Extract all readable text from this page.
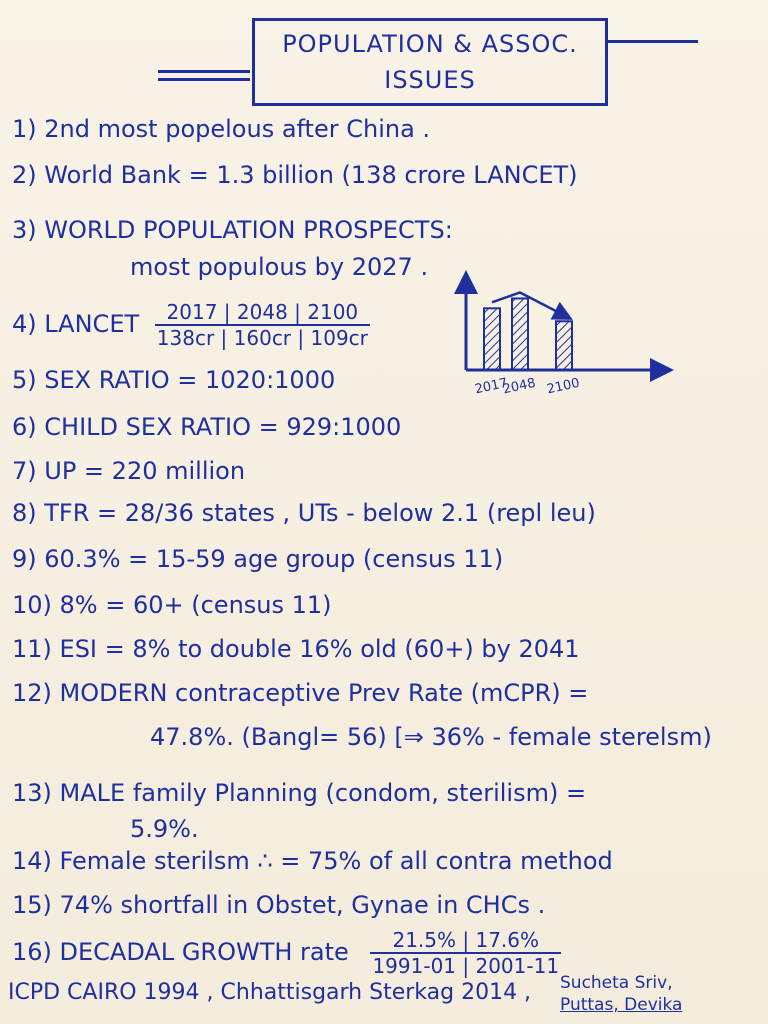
POPULATION & ASSOC.
ISSUES
1) 2nd most popelous after China .
2) World Bank = 1.3 billion (138 crore LANCET)
3) WORLD POPULATION PROSPECTS:
most populous by 2027 .
4) LANCET $\frac{2017 | 2048 | 2100}{138cr | 160cr | 109cr}$
2017
2048 2100
5) SEX RATIO = 1020:1000
6) CHILD SEX RATIO = 929:1000
7) UP = 220 million
8) TFR = 28/36 states , UTs - below 2.1 (repl leu)
9) 60.3% = 15-59 age group (census 11)
10) 8% = 60+ (census 11)
11) ESI = 8% to double 16% old (60+) by 2041
12) MODERN contraceptive Prev Rate (mCPR) =
47.8%. (Bangl= 56) [⇒ 36% - female sterelsm)
13) MALE family Planning (condom, sterilism) =
5.9%.
14) Female sterilsm ∴ = 75% of all contra method
15) 74% shortfall in Obstet, Gynae in CHCs .
16) DECADAL GROWTH rate $\frac{21.5\% | 17.6\%}{1991-01 | 2001-11}$
ICPD CAIRO 1994 , Chhattisgarh Sterkag 2014 , Sucheta Sriv,
Puttas, Devika
